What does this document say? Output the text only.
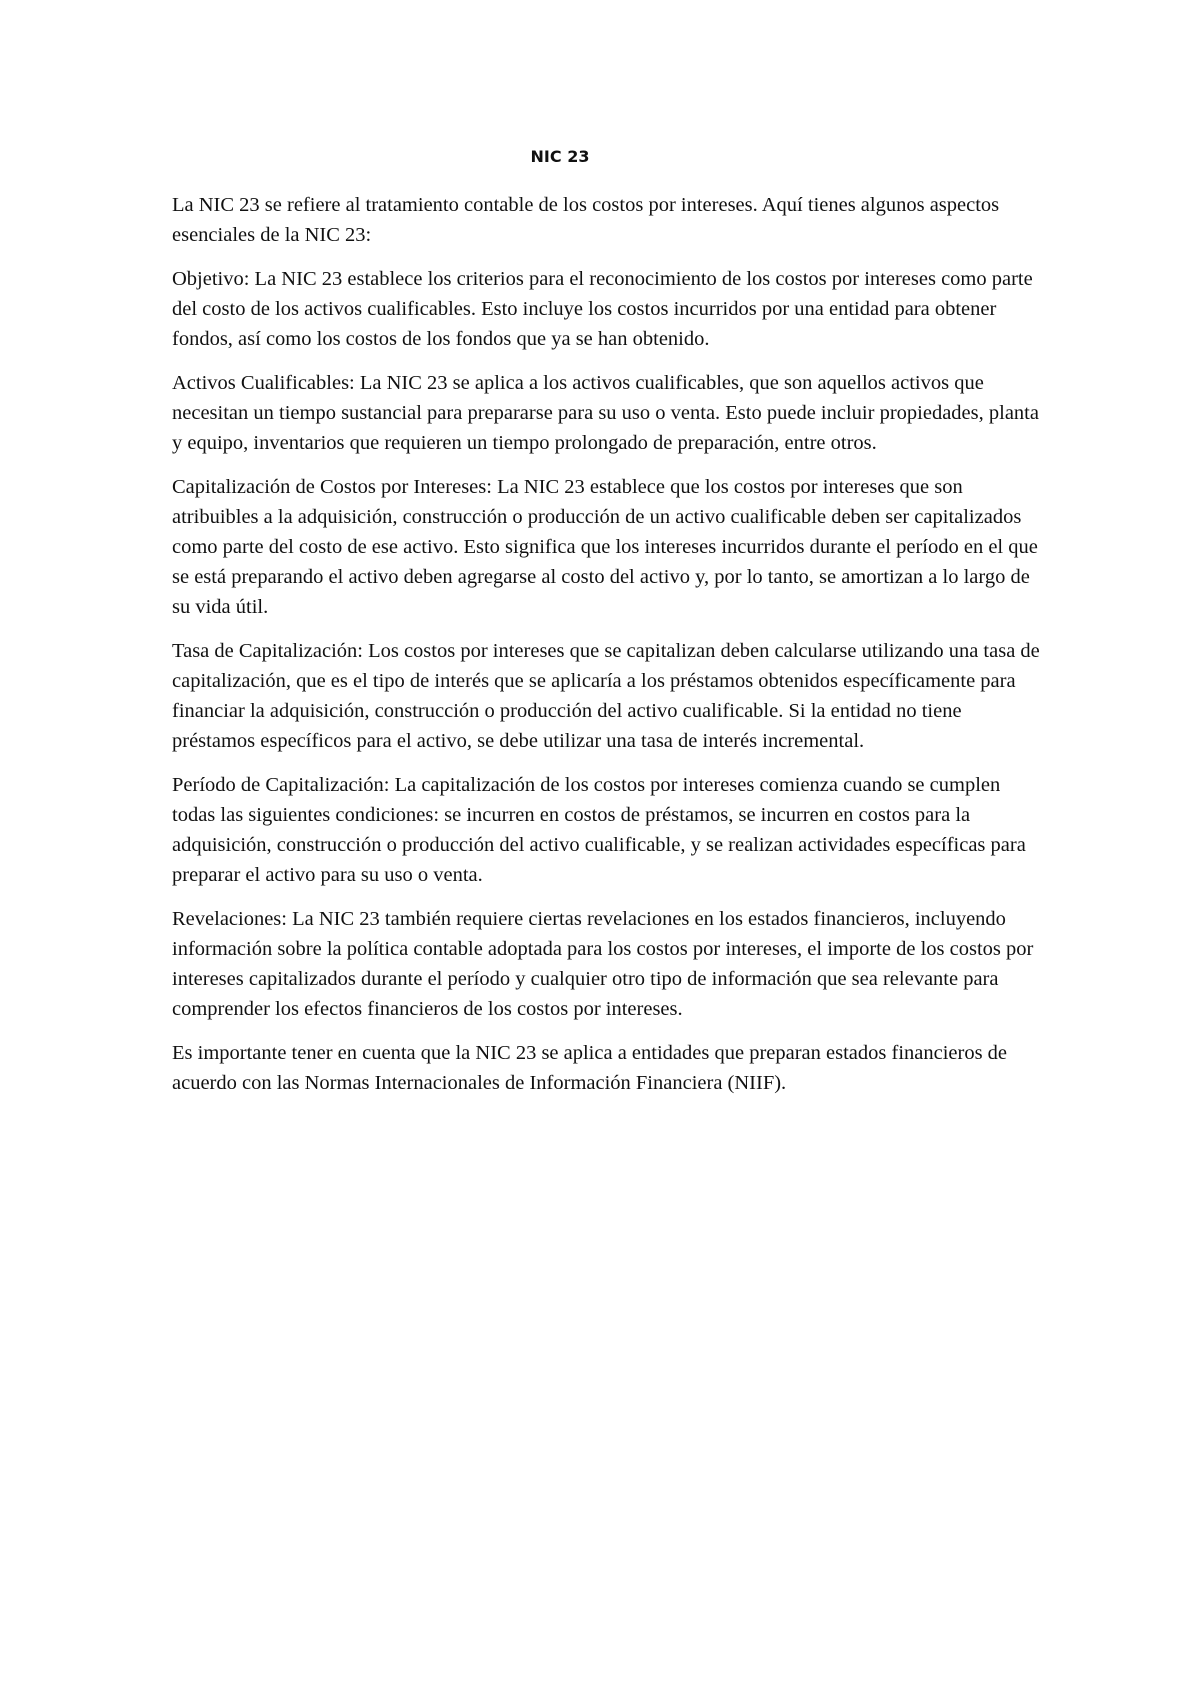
NIC 23

La NIC 23 se refiere al tratamiento contable de los costos por intereses. Aquí tienes algunos aspectos esenciales de la NIC 23:

Objetivo: La NIC 23 establece los criterios para el reconocimiento de los costos por intereses como parte del costo de los activos cualificables. Esto incluye los costos incurridos por una entidad para obtener fondos, así como los costos de los fondos que ya se han obtenido.

Activos Cualificables: La NIC 23 se aplica a los activos cualificables, que son aquellos activos que necesitan un tiempo sustancial para prepararse para su uso o venta. Esto puede incluir propiedades, planta y equipo, inventarios que requieren un tiempo prolongado de preparación, entre otros.

Capitalización de Costos por Intereses: La NIC 23 establece que los costos por intereses que son atribuibles a la adquisición, construcción o producción de un activo cualificable deben ser capitalizados como parte del costo de ese activo. Esto significa que los intereses incurridos durante el período en el que se está preparando el activo deben agregarse al costo del activo y, por lo tanto, se amortizan a lo largo de su vida útil.

Tasa de Capitalización: Los costos por intereses que se capitalizan deben calcularse utilizando una tasa de capitalización, que es el tipo de interés que se aplicaría a los préstamos obtenidos específicamente para financiar la adquisición, construcción o producción del activo cualificable. Si la entidad no tiene préstamos específicos para el activo, se debe utilizar una tasa de interés incremental.

Período de Capitalización: La capitalización de los costos por intereses comienza cuando se cumplen todas las siguientes condiciones: se incurren en costos de préstamos, se incurren en costos para la adquisición, construcción o producción del activo cualificable, y se realizan actividades específicas para preparar el activo para su uso o venta.

Revelaciones: La NIC 23 también requiere ciertas revelaciones en los estados financieros, incluyendo información sobre la política contable adoptada para los costos por intereses, el importe de los costos por intereses capitalizados durante el período y cualquier otro tipo de información que sea relevante para comprender los efectos financieros de los costos por intereses.

Es importante tener en cuenta que la NIC 23 se aplica a entidades que preparan estados financieros de acuerdo con las Normas Internacionales de Información Financiera (NIIF).
